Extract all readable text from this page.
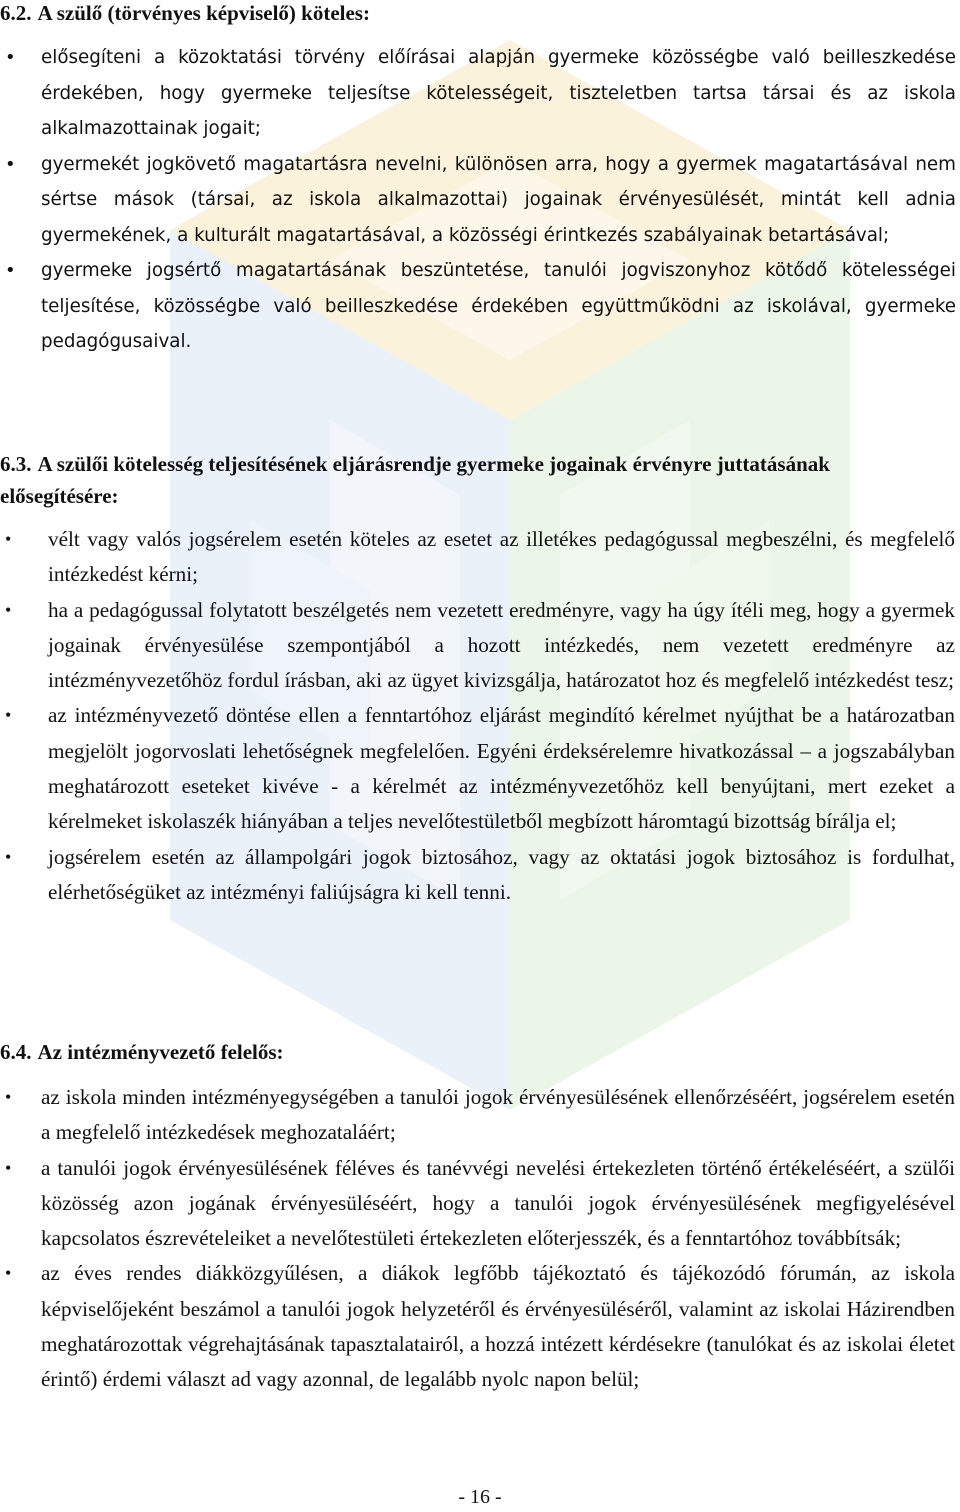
6.2. A szülő (törvényes képviselő) köteles:
• elősegíteni a közoktatási törvény előírásai alapján gyermeke közösségbe való beilleszkedése érdekében, hogy gyermeke teljesítse kötelességeit, tiszteletben tartsa társai és az iskola alkalmazottainak jogait;
• gyermekét jogkövető magatartásra nevelni, különösen arra, hogy a gyermek magatartásával nem sértse mások (társai, az iskola alkalmazottai) jogainak érvényesülését, mintát kell adnia gyermekének, a kulturált magatartásával, a közösségi érintkezés szabályainak betartásával;
• gyermeke jogsértő magatartásának beszüntetése, tanulói jogviszonyhoz kötődő kötelességei teljesítése, közösségbe való beilleszkedése érdekében együttműködni az iskolával, gyermeke pedagógusaival.
6.3. A szülői kötelesség teljesítésének eljárásrendje gyermeke jogainak érvényre juttatásának elősegítésére:
• vélt vagy valós jogsérelem esetén köteles az esetet az illetékes pedagógussal megbeszélni, és megfelelő intézkedést kérni;
• ha a pedagógussal folytatott beszélgetés nem vezetett eredményre, vagy ha úgy ítéli meg, hogy a gyermek jogainak érvényesülése szempontjából a hozott intézkedés, nem vezetett eredményre az intézményvezetőhöz fordul írásban, aki az ügyet kivizsgálja, határozatot hoz és megfelelő intézkedést tesz;
• az intézményvezető döntése ellen a fenntartóhoz eljárást megindító kérelmet nyújthat be a határozatban megjelölt jogorvoslati lehetőségnek megfelelően. Egyéni érdeksérelemre hivatkozással – a jogszabályban meghatározott eseteket kivéve - a kérelmét az intézményvezetőhöz kell benyújtani, mert ezeket a kérelmeket iskolaszék hiányában a teljes nevelőtestületből megbízott háromtagú bizottság bírálja el;
• jogsérelem esetén az állampolgári jogok biztosához, vagy az oktatási jogok biztosához is fordulhat, elérhetőségüket az intézményi faliújságra ki kell tenni.
6.4. Az intézményvezető felelős:
• az iskola minden intézményegységében a tanulói jogok érvényesülésének ellenőrzéséért, jogsérelem esetén a megfelelő intézkedések meghozataláért;
• a tanulói jogok érvényesülésének féléves és tanévvégi nevelési értekezleten történő értékeléséért, a szülői közösség azon jogának érvényesüléséért, hogy a tanulói jogok érvényesülésének megfigyelésével kapcsolatos észrevételeiket a nevelőtestületi értekezleten előterjesszék, és a fenntartóhoz továbbítsák;
• az éves rendes diákközgyűlésen, a diákok legfőbb tájékoztató és tájékozódó fórumán, az iskola képviselőjeként beszámol a tanulói jogok helyzetéről és érvényesüléséről, valamint az iskolai Házirendben meghatározottak végrehajtásának tapasztalatairól, a hozzá intézett kérdésekre (tanulókat és az iskolai életet érintő) érdemi választ ad vagy azonnal, de legalább nyolc napon belül;
- 16 -
